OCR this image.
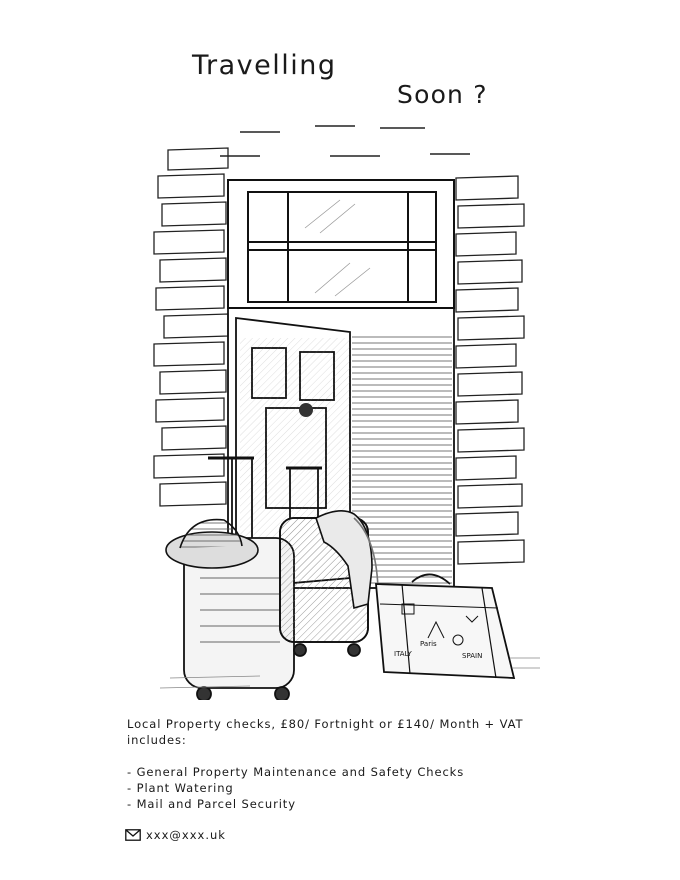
Travelling
Soon ?
Paris
ITALY	SPAIN
Local Property checks, £80/ Fortnight or £140/ Month + VAT
includes:
- General Property Maintenance and Safety Checks
- Plant Watering
- Mail and Parcel Security
xxx@xxx.uk
